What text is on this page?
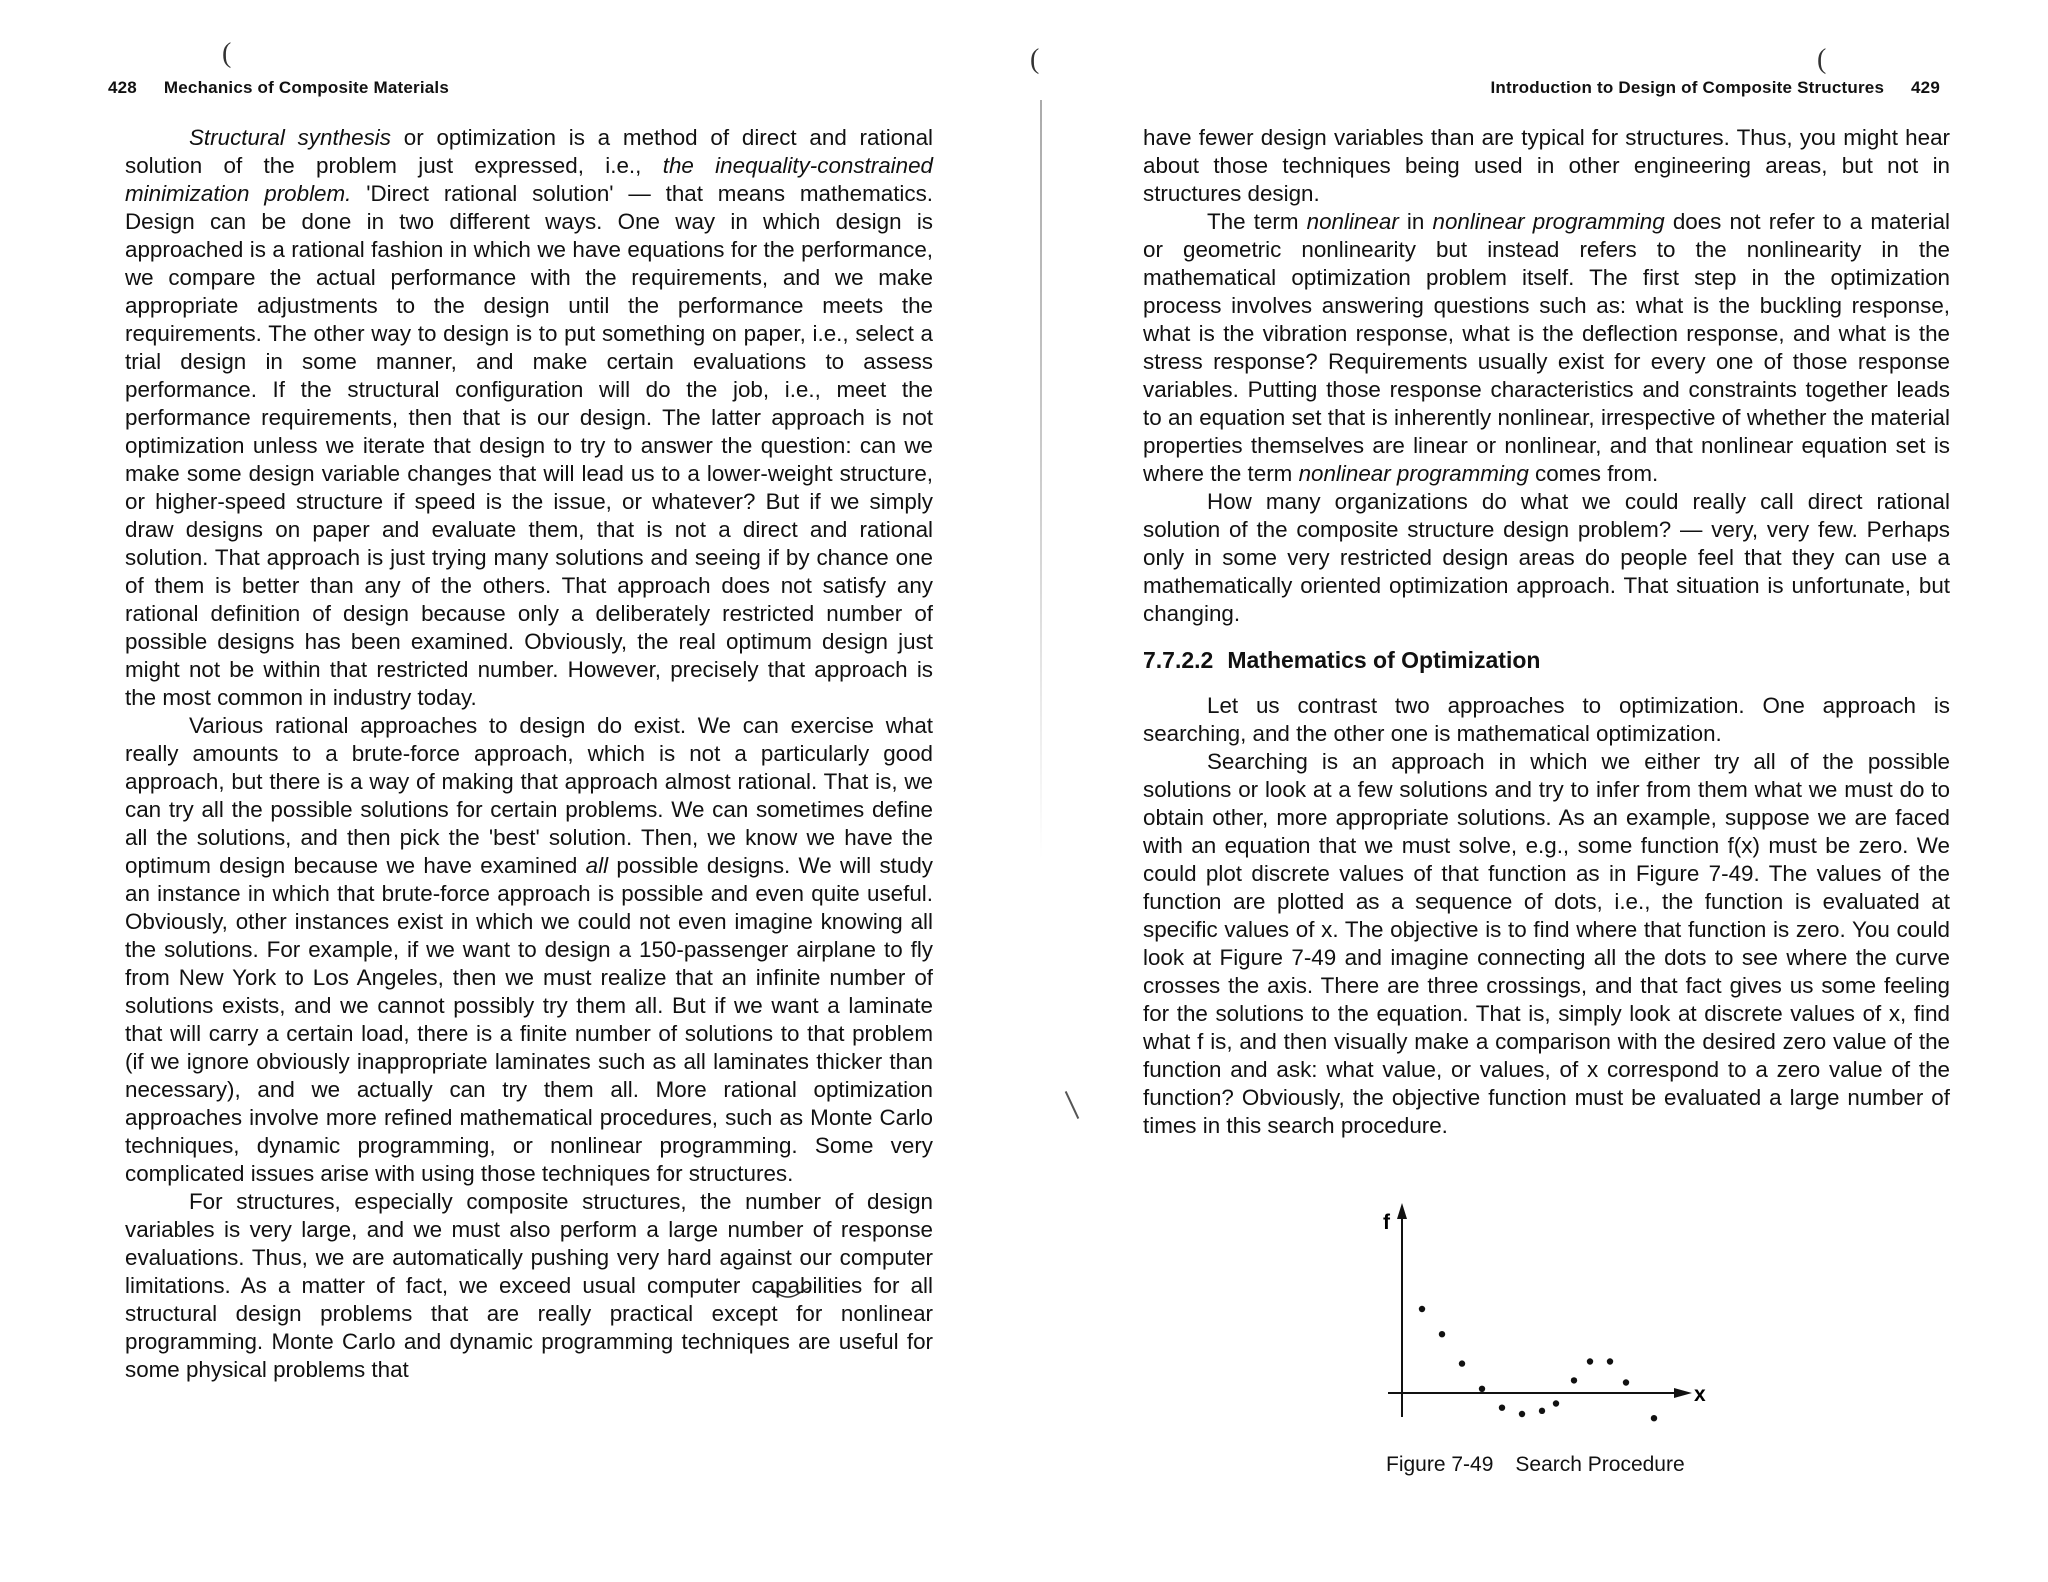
(	(	(
428 Mechanics of Composite Materials

Structural synthesis or optimization is a method of direct and rational solution of the problem just expressed, i.e., the inequality-constrained minimization problem. 'Direct rational solution' — that means mathematics. Design can be done in two different ways. One way in which design is approached is a rational fashion in which we have equations for the performance, we compare the actual performance with the requirements, and we make appropriate adjustments to the design until the performance meets the requirements. The other way to design is to put something on paper, i.e., select a trial design in some manner, and make certain evaluations to assess performance. If the structural configuration will do the job, i.e., meet the performance requirements, then that is our design. The latter approach is not optimization unless we iterate that design to try to answer the question: can we make some design variable changes that will lead us to a lower-weight structure, or higher-speed structure if speed is the issue, or whatever? But if we simply draw designs on paper and evaluate them, that is not a direct and rational solution. That approach is just trying many solutions and seeing if by chance one of them is better than any of the others. That approach does not satisfy any rational definition of design because only a deliberately restricted number of possible designs has been examined. Obviously, the real optimum design just might not be within that restricted number. However, precisely that approach is the most common in industry today.

Various rational approaches to design do exist. We can exercise what really amounts to a brute-force approach, which is not a particularly good approach, but there is a way of making that approach almost rational. That is, we can try all the possible solutions for certain problems. We can sometimes define all the solutions, and then pick the 'best' solution. Then, we know we have the optimum design because we have examined all possible designs. We will study an instance in which that brute-force approach is possible and even quite useful. Obviously, other instances exist in which we could not even imagine knowing all the solutions. For example, if we want to design a 150-passenger airplane to fly from New York to Los Angeles, then we must realize that an infinite number of solutions exists, and we cannot possibly try them all. But if we want a laminate that will carry a certain load, there is a finite number of solutions to that problem (if we ignore obviously inappropriate laminates such as all laminates thicker than necessary), and we actually can try them all. More rational optimization approaches involve more refined mathematical procedures, such as Monte Carlo techniques, dynamic programming, or nonlinear programming. Some very complicated issues arise with using those techniques for structures.

For structures, especially composite structures, the number of design variables is very large, and we must also perform a large number of response evaluations. Thus, we are automatically pushing very hard against our computer limitations. As a matter of fact, we exceed usual computer capabilities for all structural design problems that are really practical except for nonlinear programming. Monte Carlo and dynamic programming techniques are useful for some physical problems that

Introduction to Design of Composite Structures 429

have fewer design variables than are typical for structures. Thus, you might hear about those techniques being used in other engineering areas, but not in structures design.

The term nonlinear in nonlinear programming does not refer to a material or geometric nonlinearity but instead refers to the nonlinearity in the mathematical optimization problem itself. The first step in the optimization process involves answering questions such as: what is the buckling response, what is the vibration response, what is the deflection response, and what is the stress response? Requirements usually exist for every one of those response variables. Putting those response characteristics and constraints together leads to an equation set that is inherently nonlinear, irrespective of whether the material properties themselves are linear or nonlinear, and that nonlinear equation set is where the term nonlinear programming comes from.

How many organizations do what we could really call direct rational solution of the composite structure design problem? — very, very few. Perhaps only in some very restricted design areas do people feel that they can use a mathematically oriented optimization approach. That situation is unfortunate, but changing.

7.7.2.2 Mathematics of Optimization

Let us contrast two approaches to optimization. One approach is searching, and the other one is mathematical optimization.

Searching is an approach in which we either try all of the possible solutions or look at a few solutions and try to infer from them what we must do to obtain other, more appropriate solutions. As an example, suppose we are faced with an equation that we must solve, e.g., some function f(x) must be zero. We could plot discrete values of that function as in Figure 7-49. The values of the function are plotted as a sequence of dots, i.e., the function is evaluated at specific values of x. The objective is to find where that function is zero. You could look at Figure 7-49 and imagine connecting all the dots to see where the curve crosses the axis. There are three crossings, and that fact gives us some feeling for the solutions to the equation. That is, simply look at discrete values of x, find what f is, and then visually make a comparison with the desired zero value of the function and ask: what value, or values, of x correspond to a zero value of the function? Obviously, the objective function must be evaluated a large number of times in this search procedure.

f
x
Figure 7-49 Search Procedure
